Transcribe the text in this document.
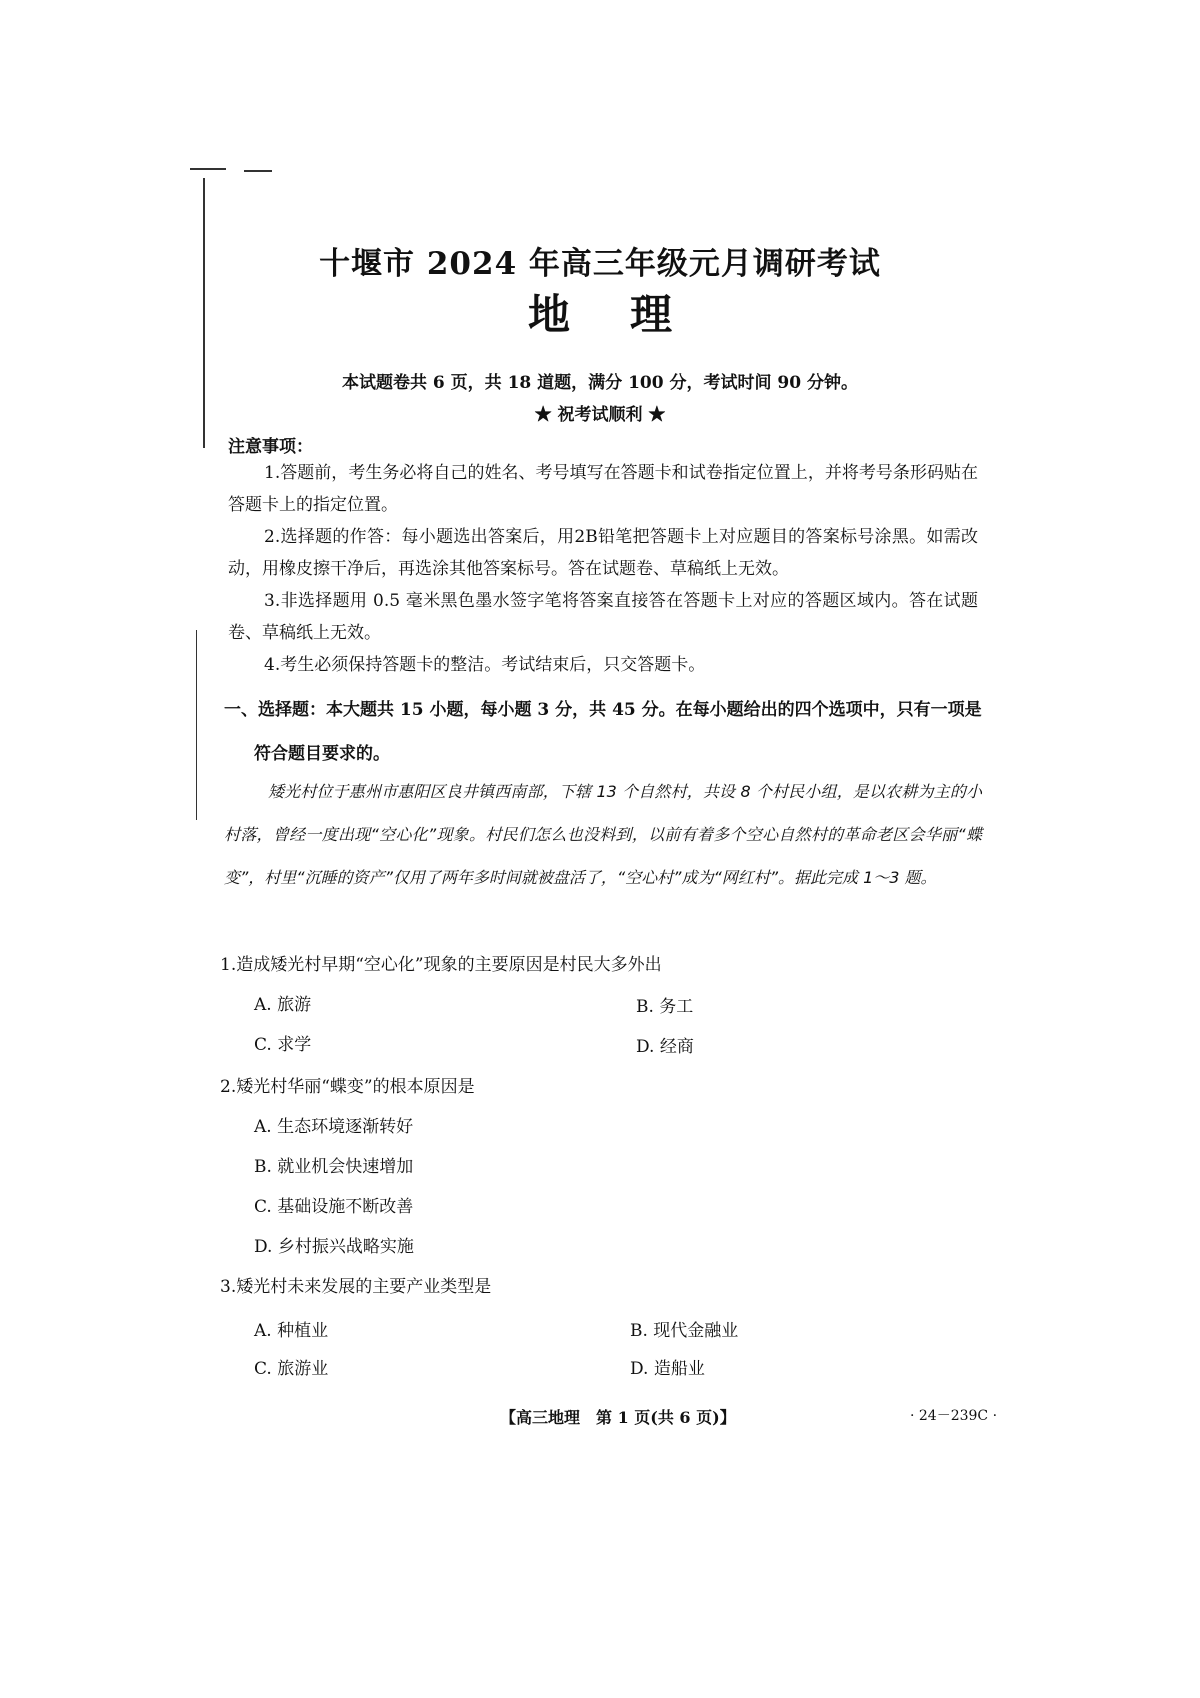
十堰市 2024 年高三年级元月调研考试
地理
本试题卷共 6 页，共 18 道题，满分 100 分，考试时间 90 分钟。
★ 祝考试顺利 ★
注意事项：
1.答题前，考生务必将自己的姓名、考号填写在答题卡和试卷指定位置上，并将考号条形码贴在答题卡上的指定位置。
2.选择题的作答：每小题选出答案后，用2B铅笔把答题卡上对应题目的答案标号涂黑。如需改动，用橡皮擦干净后，再选涂其他答案标号。答在试题卷、草稿纸上无效。
3.非选择题用 0.5 毫米黑色墨水签字笔将答案直接答在答题卡上对应的答题区域内。答在试题卷、草稿纸上无效。
4.考生必须保持答题卡的整洁。考试结束后，只交答题卡。
一、选择题：本大题共 15 小题，每小题 3 分，共 45 分。在每小题给出的四个选项中，只有一项是
符合题目要求的。
矮光村位于惠州市惠阳区良井镇西南部，下辖 13 个自然村，共设 8 个村民小组，是以农耕为主的小村落，曾经一度出现“空心化”现象。村民们怎么也没料到，以前有着多个空心自然村的革命老区会华丽“蝶变”，村里“沉睡的资产”仅用了两年多时间就被盘活了，“空心村”成为“网红村”。据此完成 1～3 题。
1.造成矮光村早期“空心化”现象的主要原因是村民大多外出
A. 旅游	B. 务工
C. 求学	D. 经商
2.矮光村华丽“蝶变”的根本原因是
A. 生态环境逐渐转好
B. 就业机会快速增加
C. 基础设施不断改善
D. 乡村振兴战略实施
3.矮光村未来发展的主要产业类型是
A. 种植业	B. 现代金融业
C. 旅游业	D. 造船业
【高三地理　第 1 页(共 6 页)】	· 24－239C ·
